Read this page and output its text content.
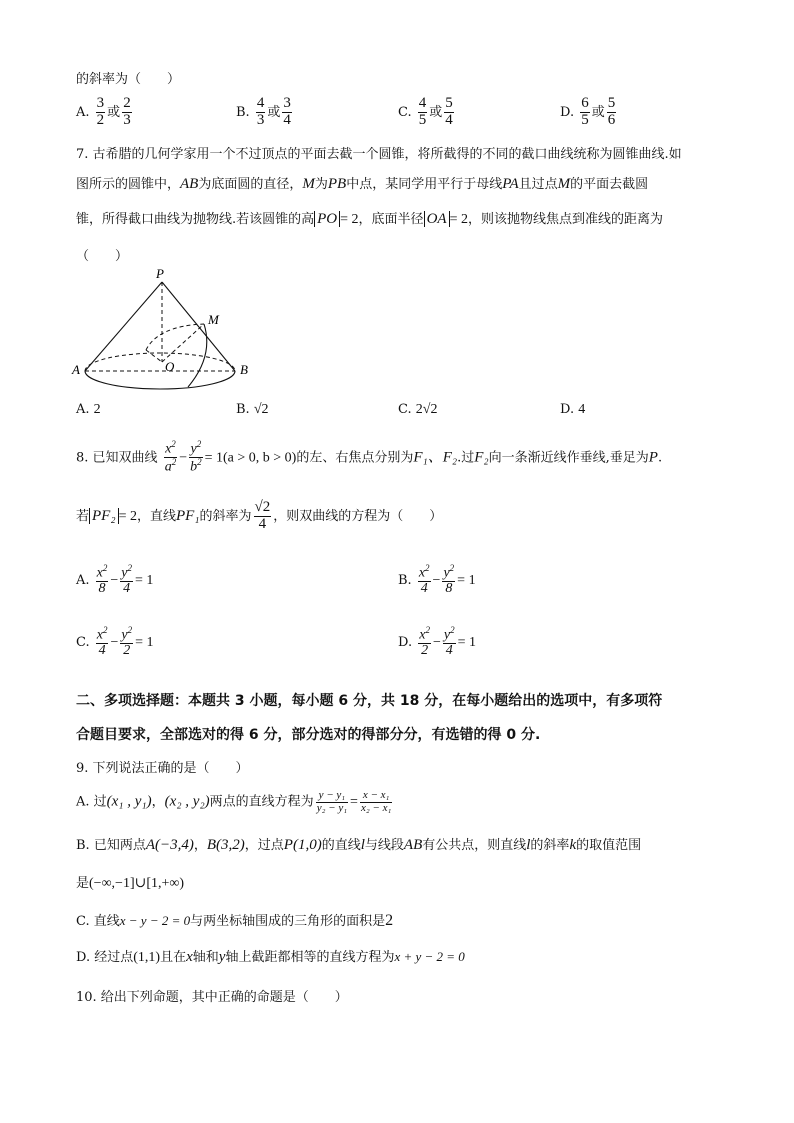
的斜率为（　　）
A. $\frac{3}{2}$ 或 $\frac{2}{3}$	B. $\frac{4}{3}$ 或 $\frac{3}{4}$	C. $\frac{4}{5}$ 或 $\frac{5}{4}$	D. $\frac{6}{5}$ 或 $\frac{5}{6}$
7. 古希腊的几何学家用一个不过顶点的平面去截一个圆锥，将所截得的不同的截口曲线统称为圆锥曲线.如
图所示的圆锥中，AB为底面圆的直径，M为PB中点，某同学用平行于母线PA且过点M的平面去截圆
锥，所得截口曲线为抛物线.若该圆锥的高 PO = 2，底面半径 OA = 2，则该抛物线焦点到准线的距离为
（　　）
P
M
A	O	B
A. 2	B. √2	C. 2√2	D. 4
8. 已知双曲线 $\frac{x^2}{a^2} - \frac{y^2}{b^2} = 1(a > 0$, b > 0)的左、右焦点分别为F₁、F₂.过F₂向一条渐近线作垂线,垂足为P.
若 PF₂ = 2，直线PF₁的斜率为 $\frac{√2}{4}$ ，则双曲线的方程为（　　）
A. $\frac{x^2}{8} - \frac{y^2}{4} = 1$	B. $\frac{x^2}{4} - \frac{y^2}{8} = 1$
C. $\frac{x^2}{4} - \frac{y^2}{2} = 1$	D. $\frac{x^2}{2} - \frac{y^2}{4} = 1$
二、多项选择题：本题共 3 小题，每小题 6 分，共 18 分，在每小题给出的选项中，有多项符
合题目要求，全部选对的得 6 分，部分选对的得部分分，有选错的得 0 分.
9. 下列说法正确的是（　　）
A. 过(x₁ , y₁)，(x₂ , y₂)两点的直线方程为 $\frac{\text{y − y₁}}{\text{y₂ − y₁}} = \frac{\text{x − x₁}}{\text{x₂ − x₁}}$
B. 已知两点A(−3,4)，B(3,2)，过点P(1,0)的直线l与线段AB有公共点，则直线l的斜率k的取值范围
是(−∞,−1]∪[1,+∞)
C. 直线x − y − 2 = 0与两坐标轴围成的三角形的面积是2
D. 经过点(1,1)且在x轴和y轴上截距都相等的直线方程为x + y − 2 = 0
10. 给出下列命题，其中正确的命题是（　　）
